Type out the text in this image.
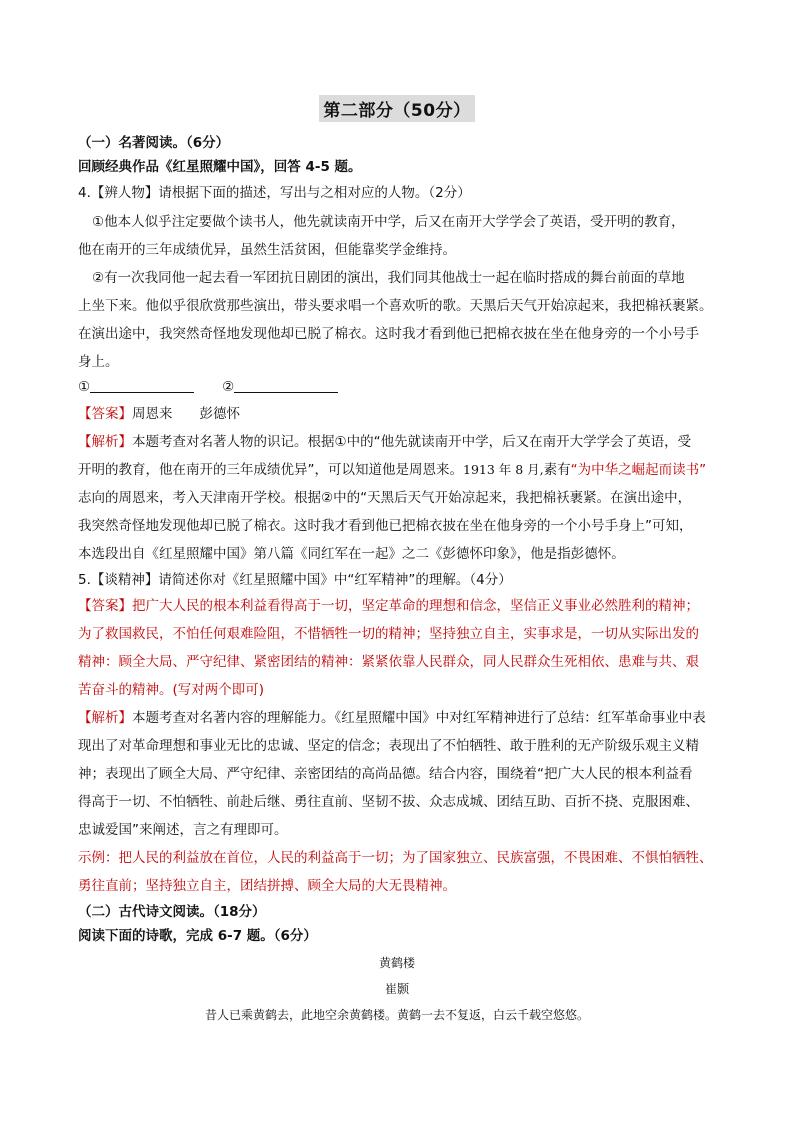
第二部分（50分）
（一）名著阅读。（6分）
回顾经典作品《红星照耀中国》，回答 4-5 题。
4.【辨人物】请根据下面的描述，写出与之相对应的人物。（2分）
①他本人似乎注定要做个读书人，他先就读南开中学，后又在南开大学学会了英语，受开明的教育，
他在南开的三年成绩优异，虽然生活贫困，但能靠奖学金维持。
②有一次我同他一起去看一军团抗日剧团的演出，我们同其他战士一起在临时搭成的舞台前面的草地
上坐下来。他似乎很欣赏那些演出，带头要求唱一个喜欢听的歌。天黑后天气开始凉起来，我把棉袄裹紧。
在演出途中，我突然奇怪地发现他却已脱了棉衣。这时我才看到他已把棉衣披在坐在他身旁的一个小号手
身上。
①	②
【答案】周恩来　　彭德怀
【解析】本题考查对名著人物的识记。根据①中的“他先就读南开中学，后又在南开大学学会了英语，受
开明的教育，他在南开的三年成绩优异”，可以知道他是周恩来。1913 年 8 月,素有“为中华之崛起而读书”
志向的周恩来，考入天津南开学校。根据②中的“天黑后天气开始凉起来，我把棉袄裹紧。在演出途中，
我突然奇怪地发现他却已脱了棉衣。这时我才看到他已把棉衣披在坐在他身旁的一个小号手身上”可知，
本选段出自《红星照耀中国》第八篇《同红军在一起》之二《彭德怀印象》，他是指彭德怀。
5.【谈精神】请简述你对《红星照耀中国》中“红军精神”的理解。（4分）
【答案】把广大人民的根本利益看得高于一切，坚定革命的理想和信念，坚信正义事业必然胜利的精神；
为了救国救民，不怕任何艰难险阻，不惜牺牲一切的精神；坚持独立自主，实事求是，一切从实际出发的
精神：顾全大局、严守纪律、紧密团结的精神：紧紧依靠人民群众，同人民群众生死相依、患难与共、艰
苦奋斗的精神。(写对两个即可)
【解析】本题考查对名著内容的理解能力。《红星照耀中国》中对红军精神进行了总结：红军革命事业中表
现出了对革命理想和事业无比的忠诚、坚定的信念；表现出了不怕牺牲、敢于胜利的无产阶级乐观主义精
神；表现出了顾全大局、严守纪律、亲密团结的高尚品德。结合内容，围绕着“把广大人民的根本利益看
得高于一切、不怕牺牲、前赴后继、勇往直前、坚韧不拔、众志成城、团结互助、百折不挠、克服困难、
忠诚爱国”来阐述，言之有理即可。
示例：把人民的利益放在首位，人民的利益高于一切；为了国家独立、民族富强，不畏困难、不惧怕牺牲、
勇往直前；坚持独立自主，团结拼搏、顾全大局的大无畏精神。
（二）古代诗文阅读。（18分）
阅读下面的诗歌，完成 6-7 题。（6分）
黄鹤楼
崔颢
昔人已乘黄鹤去，此地空余黄鹤楼。黄鹤一去不复返，白云千载空悠悠。
